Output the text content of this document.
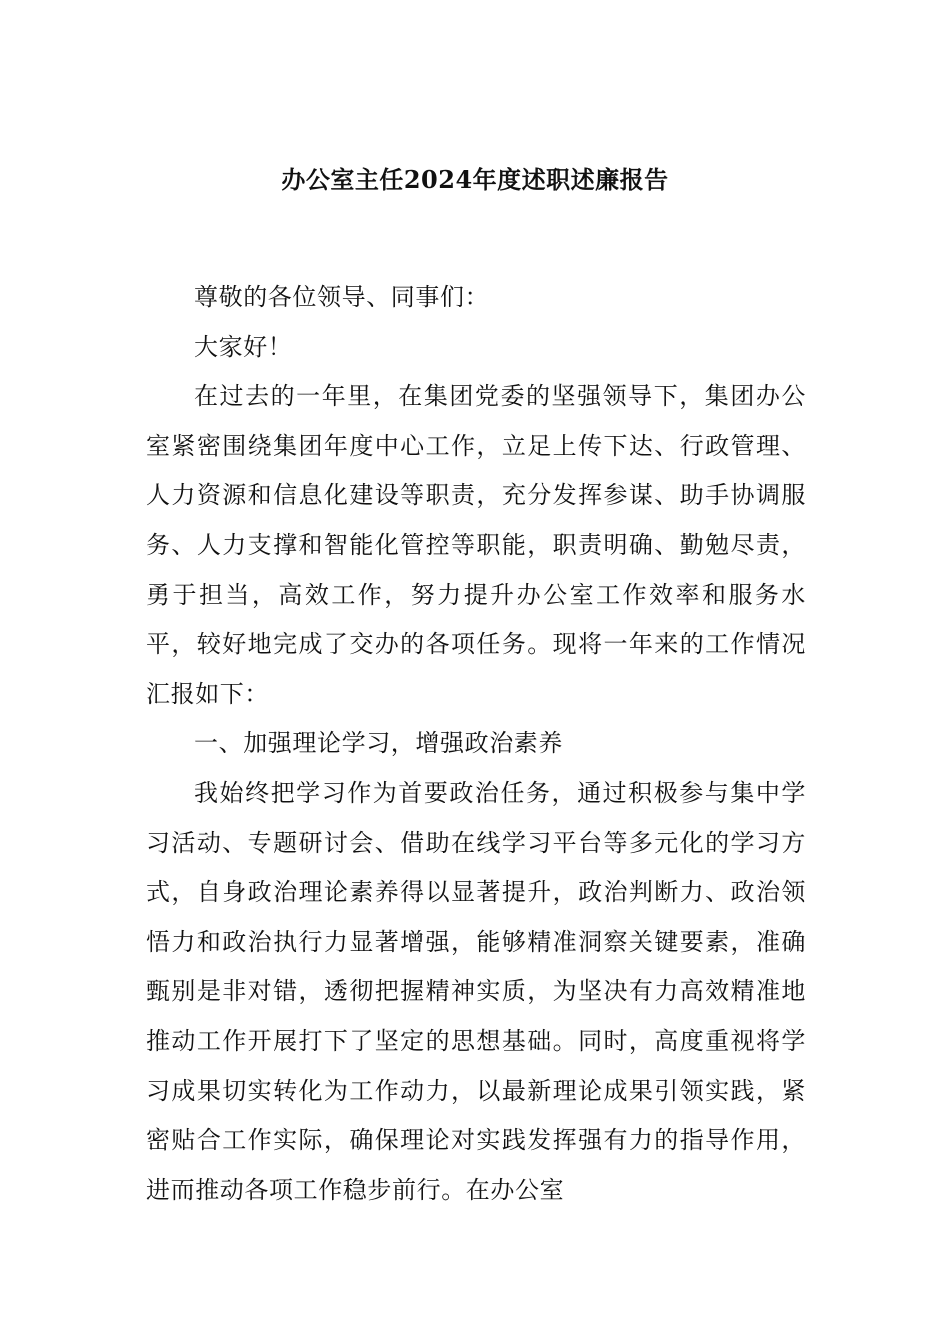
办公室主任2024年度述职述廉报告

尊敬的各位领导、同事们：

大家好！

在过去的一年里，在集团党委的坚强领导下，集团办公室紧密围绕集团年度中心工作，立足上传下达、行政管理、人力资源和信息化建设等职责，充分发挥参谋、助手协调服务、人力支撑和智能化管控等职能，职责明确、勤勉尽责，勇于担当，高效工作，努力提升办公室工作效率和服务水平，较好地完成了交办的各项任务。现将一年来的工作情况汇报如下：

一、加强理论学习，增强政治素养

我始终把学习作为首要政治任务，通过积极参与集中学习活动、专题研讨会、借助在线学习平台等多元化的学习方式，自身政治理论素养得以显著提升，政治判断力、政治领悟力和政治执行力显著增强，能够精准洞察关键要素，准确甄别是非对错，透彻把握精神实质，为坚决有力高效精准地推动工作开展打下了坚定的思想基础。同时，高度重视将学习成果切实转化为工作动力，以最新理论成果引领实践，紧密贴合工作实际，确保理论对实践发挥强有力的指导作用，进而推动各项工作稳步前行。在办公室
